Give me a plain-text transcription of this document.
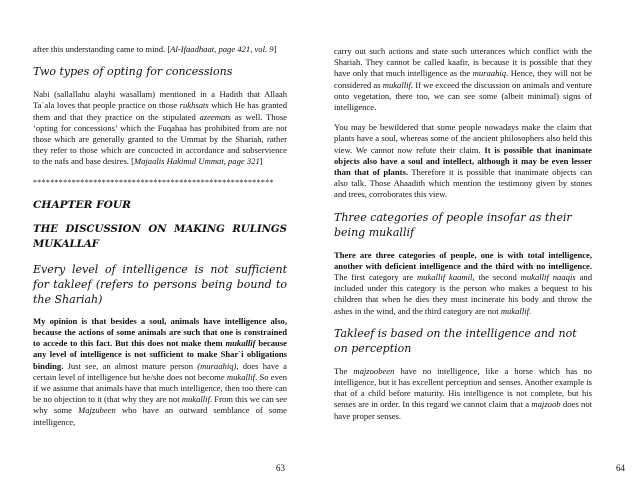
after this understanding came to mind. [Al-Ifaadhaat, page 421, vol. 9]

Two types of opting for concessions

Nabi (sallallahu alayhi wasallam) mentioned in a Hadith that Allaah Ta`ala loves that people practice on those rukhsats which He has granted them and that they practice on the stipulated azeemats as well. Those ‘opting for concessions’ which the Fuqahaa has prohibited from are not those which are generally granted to the Ummat by the Shariah, rather they refer to those which are concocted in accordance and subservience to the nafs and base desires. [Majaalis Hakimul Ummat, page 321]

********************************************************
CHAPTER FOUR
THE DISCUSSION ON MAKING RULINGS MUKALLAF
Every level of intelligence is not sufficient for takleef (refers to persons being bound to the Shariah)

My opinion is that besides a soul, animals have intelligence also, because the actions of some animals are such that one is constrained to accede to this fact. But this does not make them mukallif because any level of intelligence is not sufficient to make Shar`i obligations binding. Just see, an almost mature person (muraahiq), does have a certain level of intelligence but he/she does not become mukallif. So even if we assume that animals have that much intelligence, then too there can be no objection to it (that why they are not mukallif. From this we can see why some Majzubeen who have an outward semblance of some intelligence,

63

carry out such actions and state such utterances which conflict with the Shariah. They cannot be called kaafir, is because it is possible that they have only that much intelligence as the muraahiq. Hence, they will not be considered as mukallif. If we exceed the discussion on animals and venture onto vegetation, there too, we can see some (albeit minimal) signs of intelligence.

You may be bewildered that some people nowadays make the claim that plants have a soul, whereas some of the ancient philosophers also held this view. We cannot now refute their claim. It is possible that inanimate objects also have a soul and intellect, although it may be even lesser than that of plants. Therefore it is possible that inanimate objects can also talk. Those Ahaadith which mention the testimony given by stones and trees, corroborates this view.

Three categories of people insofar as their being mukallif

There are three categories of people, one is with total intelligence, another with deficient intelligence and the third with no intelligence. The first category are mukallif kaamil, the second mukallif naaqis and included under this category is the person who makes a bequest to his children that when he dies they must incinerate his body and throw the ashes in the wind, and the third category are not mukallif.

Takleef is based on the intelligence and not on perception

The majzoobeen have no intelligence, like a horse which has no intelligence, but it has excellent perception and senses. Another example is that of a child before maturity. His intelligence is not complete, but his senses are in order. In this regard we cannot claim that a majzoob does not have proper senses.

64
